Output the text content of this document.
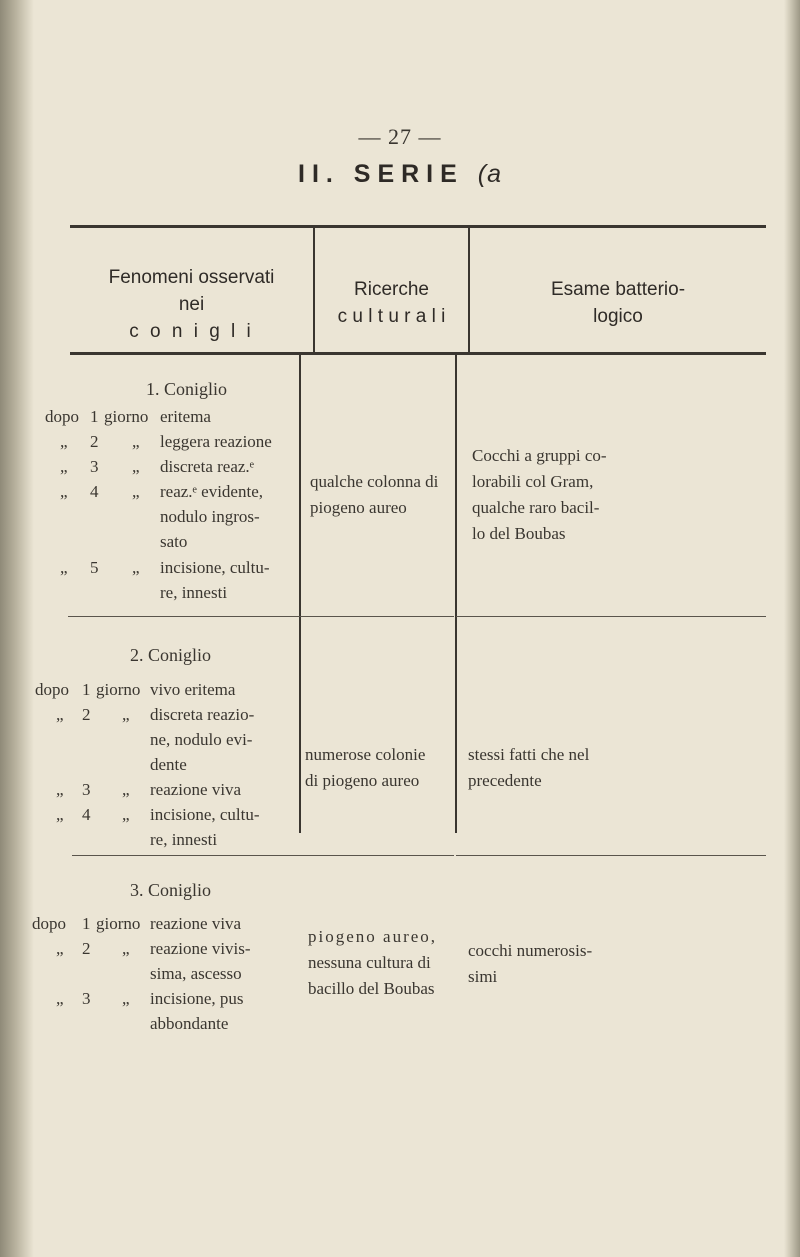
— 27 —
II. SERIE (a
Fenomeni osservati
nei
c o n i g l i
Ricerche
c u l t u r a l i
Esame batterio-
logico
1. Coniglio
dopo 1 giorno eritema
„ 2 „ leggera reazione
„ 3 „ discreta reaz.ᵉ
„ 4 „ reaz.ᵉ evidente,
nodulo ingros-
sato
„ 5 „ incisione, cultu-
re, innesti
qualche colonna di
piogeno aureo
Cocchi a gruppi co-
lorabili col Gram,
qualche raro bacil-
lo del Boubas
2. Coniglio
dopo 1 giorno vivo eritema
„ 2 „ discreta reazio-
ne, nodulo evi-
dente
„ 3 „ reazione viva
„ 4 „ incisione, cultu-
re, innesti
numerose colonie
di piogeno aureo
stessi fatti che nel
precedente
3. Coniglio
dopo 1 giorno reazione viva
„ 2 „ reazione vivis-
sima, ascesso
„ 3 „ incisione, pus
abbondante
piogeno aureo,
nessuna cultura di
bacillo del Boubas
cocchi numerosis-
simi
